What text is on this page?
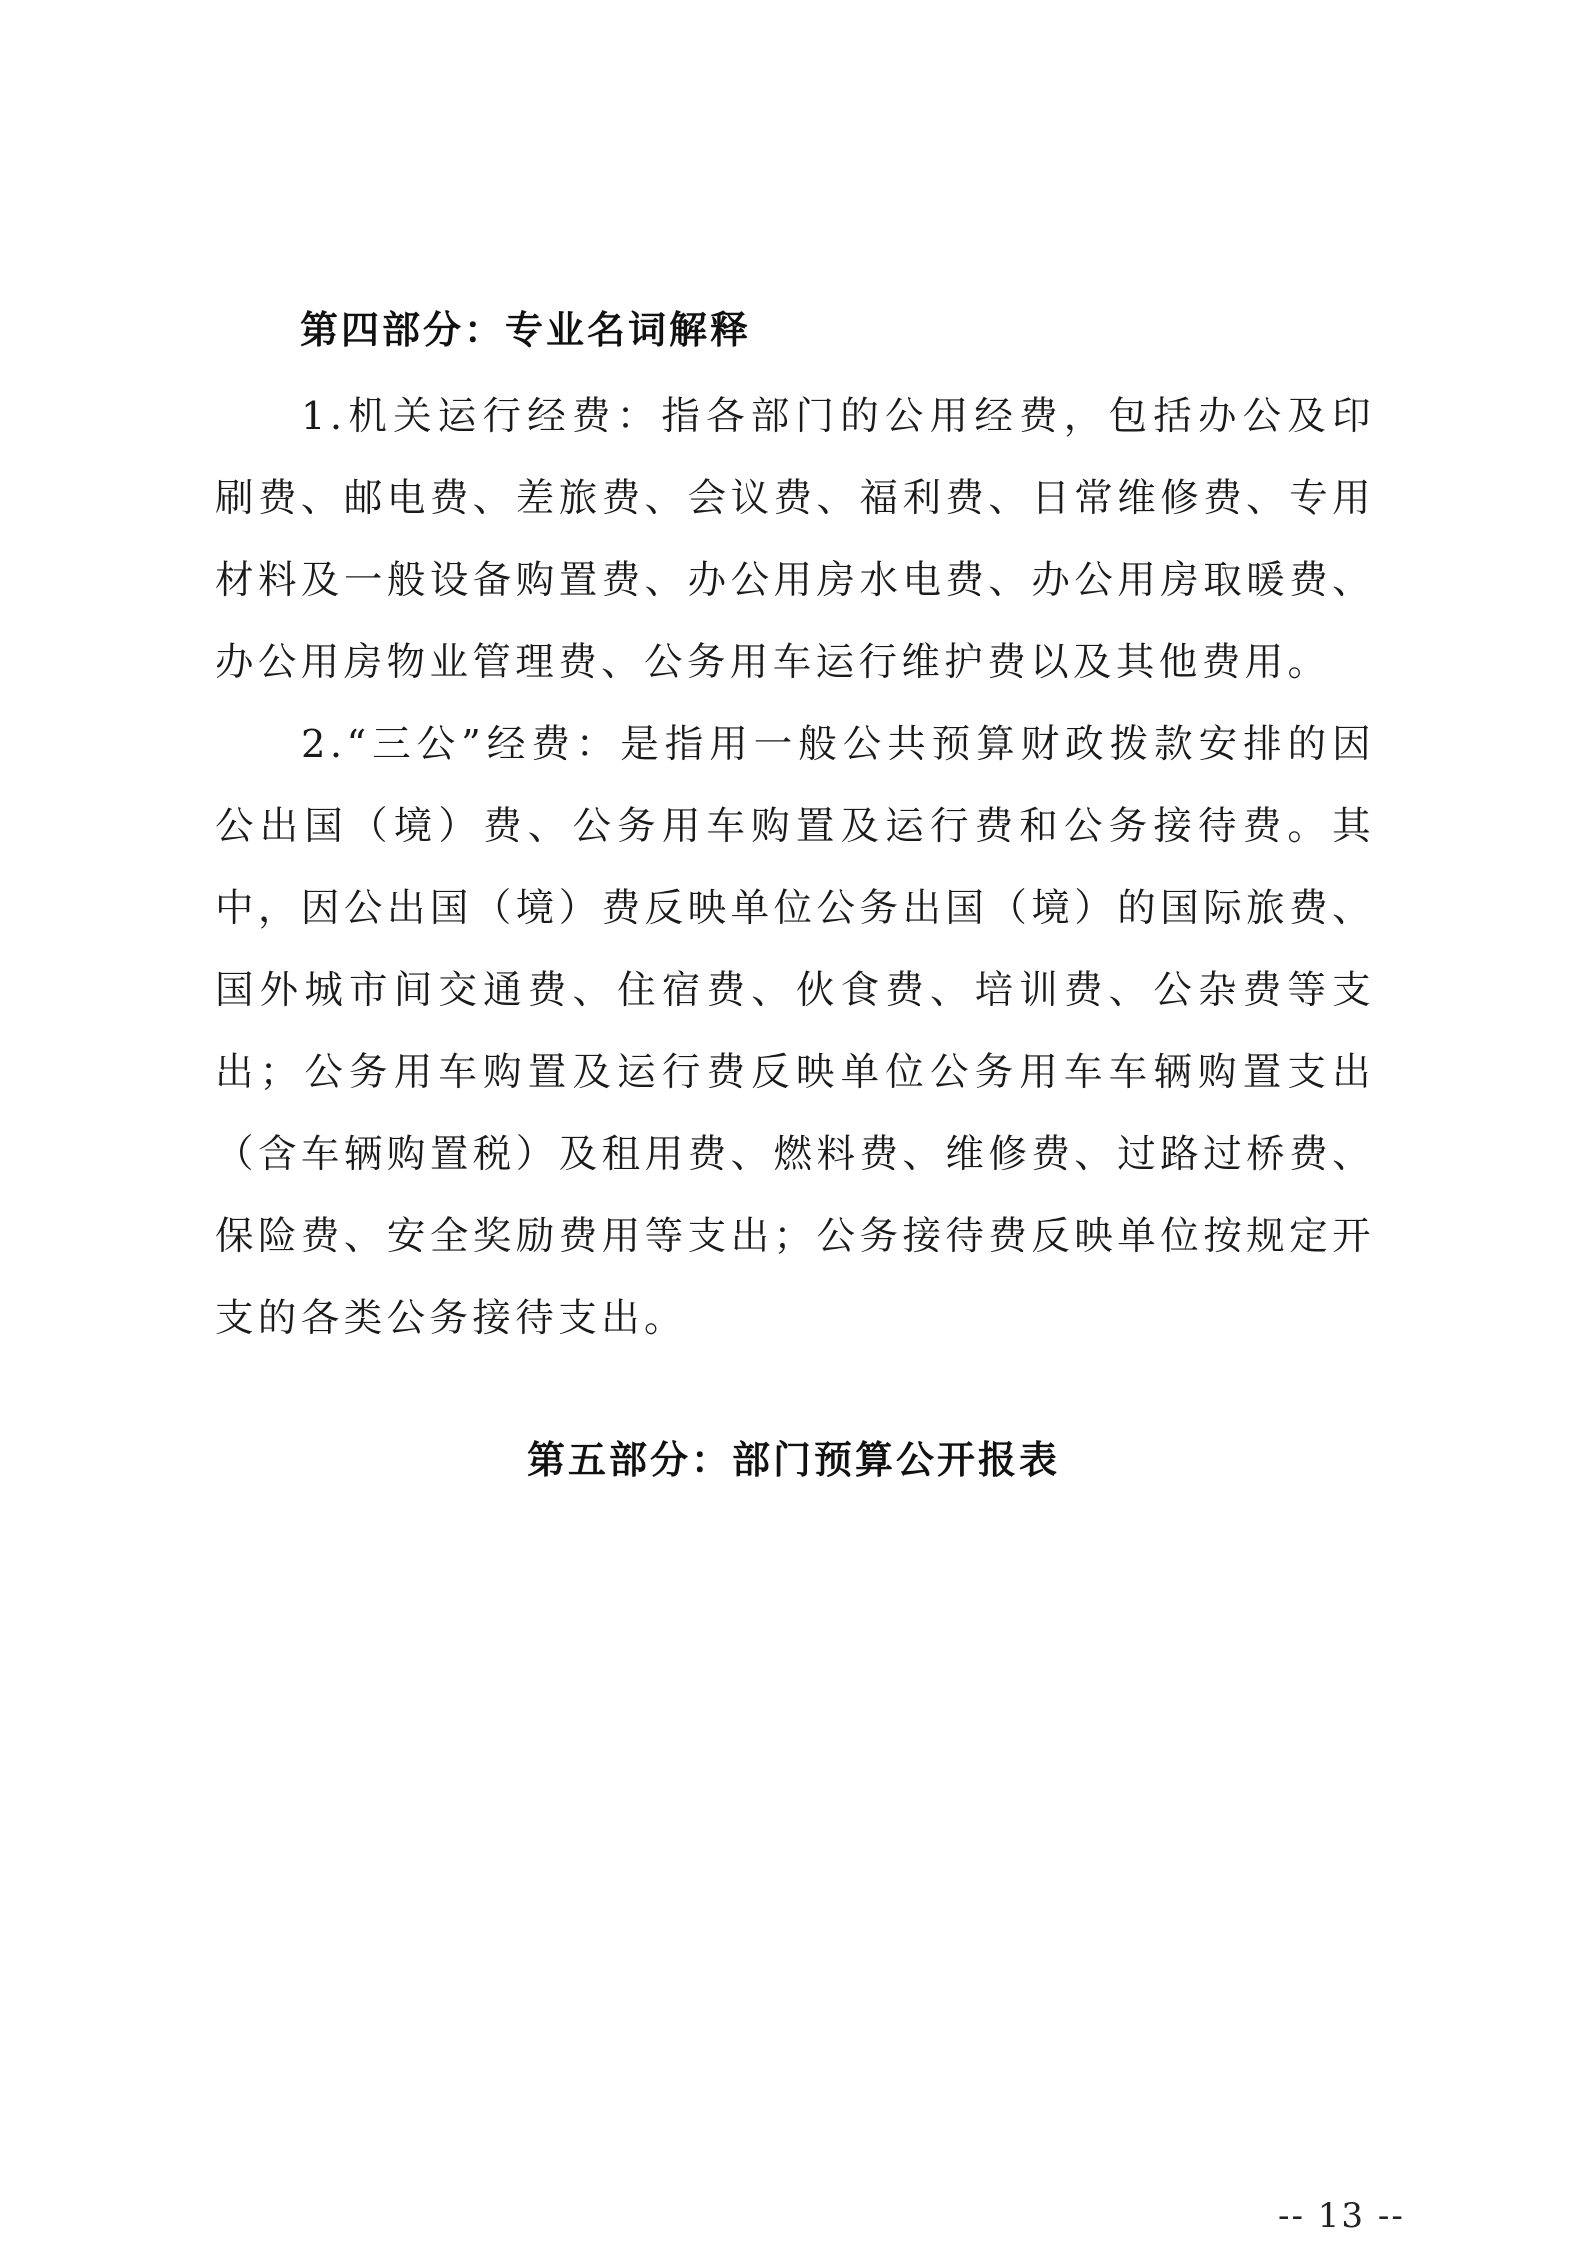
第四部分：专业名词解释

1.机关运行经费：指各部门的公用经费，包括办公及印刷费、邮电费、差旅费、会议费、福利费、日常维修费、专用材料及一般设备购置费、办公用房水电费、办公用房取暖费、办公用房物业管理费、公务用车运行维护费以及其他费用。

2.“三公”经费：是指用一般公共预算财政拨款安排的因公出国（境）费、公务用车购置及运行费和公务接待费。其中，因公出国（境）费反映单位公务出国（境）的国际旅费、国外城市间交通费、住宿费、伙食费、培训费、公杂费等支出；公务用车购置及运行费反映单位公务用车车辆购置支出（含车辆购置税）及租用费、燃料费、维修费、过路过桥费、保险费、安全奖励费用等支出；公务接待费反映单位按规定开支的各类公务接待支出。

第五部分：部门预算公开报表
-- 13 --
